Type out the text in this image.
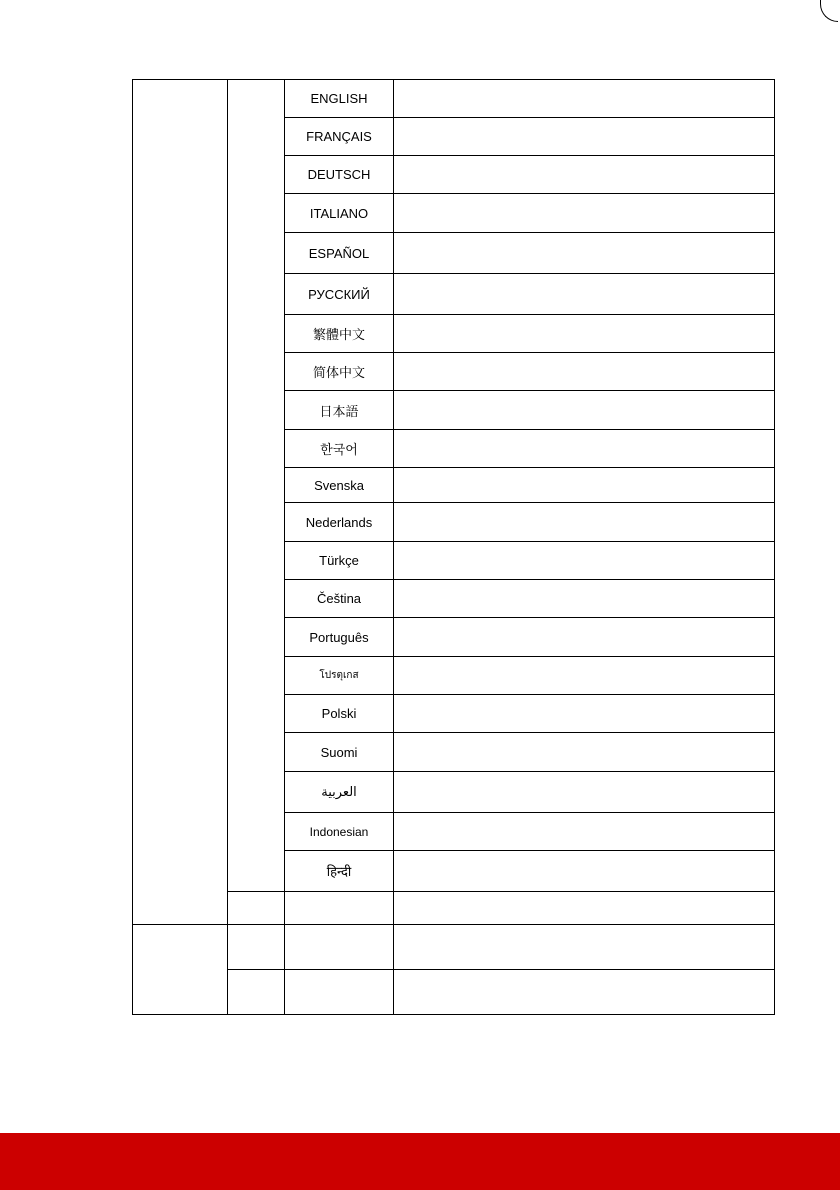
		ENGLISH	
		FRANÇAIS	
		DEUTSCH	
		ITALIANO	
		ESPAÑOL	
		РУССКИЙ	
		繁體中文	
		简体中文	
		日本語	
		한국어	
		Svenska	
		Nederlands	
		Türkçe	
		Čeština	
		Português	
		โปรตุเกส	
		Polski	
		Suomi	
		العربية	
		Indonesian	
		हिन्दी	
